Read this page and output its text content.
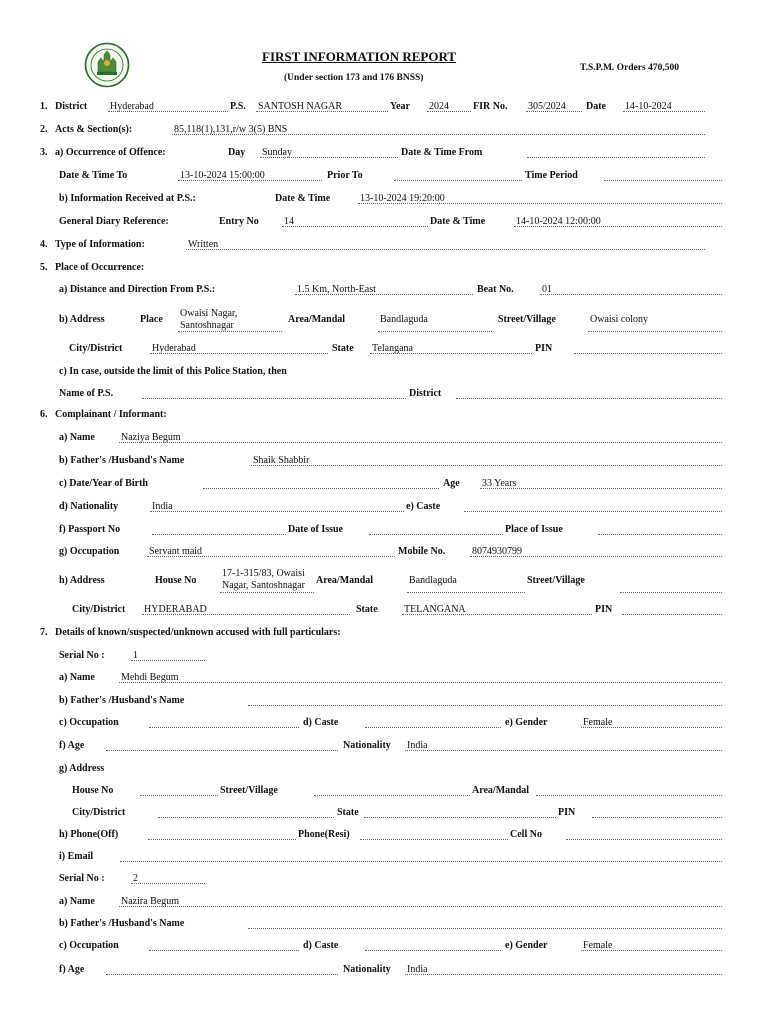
FIRST INFORMATION REPORT
(Under section 173 and 176 BNSS)
T.S.P.M. Orders 470,500
1. District Hyderabad	P.S. SANTOSH NAGAR	Year 2024 FIR No. 305/2024 Date 14-10-2024
2. Acts & Section(s):	85,118(1),131,r/w 3(5) BNS
3. a) Occurrence of Offence:	Day Sunday	Date & Time From
Date & Time To	13-10-2024 15:00:00	Prior To	Time Period
b) Information Received at P.S.:	Date & Time	13-10-2024 19:20:00
General Diary Reference:	Entry No	14	Date & Time	14-10-2024 12:00:00
4. Type of Information:	Written
5. Place of Occurrence:
a) Distance and Direction From P.S.:	1.5 Km, North-East	Beat No.	01
b) Address	Place
Owaisi Nagar, Santoshnagar
Area/Mandal	Bandlaguda	Street/Village	Owaisi colony
City/District	Hyderabad	State Telangana	PIN
c) In case, outside the limit of this Police Station, then
Name of P.S.	District
6. Complainant / Informant:
a) Name	Naziya Begum
b) Father's /Husband's Name	Shaik Shabbir
c) Date/Year of Birth	Age 33 Years
d) Nationality	India	e) Caste
f) Passport No	Date of Issue	Place of Issue
g) Occupation	Servant maid	Mobile No.	8074930799
h) Address	House No
17-1-315/83, Owaisi Nagar, Santoshnagar	Area/Mandal	Bandlaguda	Street/Village
City/District HYDERABAD	State	TELANGANA	PIN
7. Details of known/suspected/unknown accused with full particulars:
Serial No :	1
a) Name	Mehdi Begum
b) Father's /Husband's Name
c) Occupation	d) Caste	e) Gender	Female
f) Age	Nationality India
g) Address
House No	Street/Village	Area/Mandal
City/District	State	PIN
h) Phone(Off)	Phone(Resi)	Cell No
i) Email
Serial No :	2
a) Name	Nazira Begum
b) Father's /Husband's Name
c) Occupation	d) Caste	e) Gender	Female
f) Age	Nationality India
